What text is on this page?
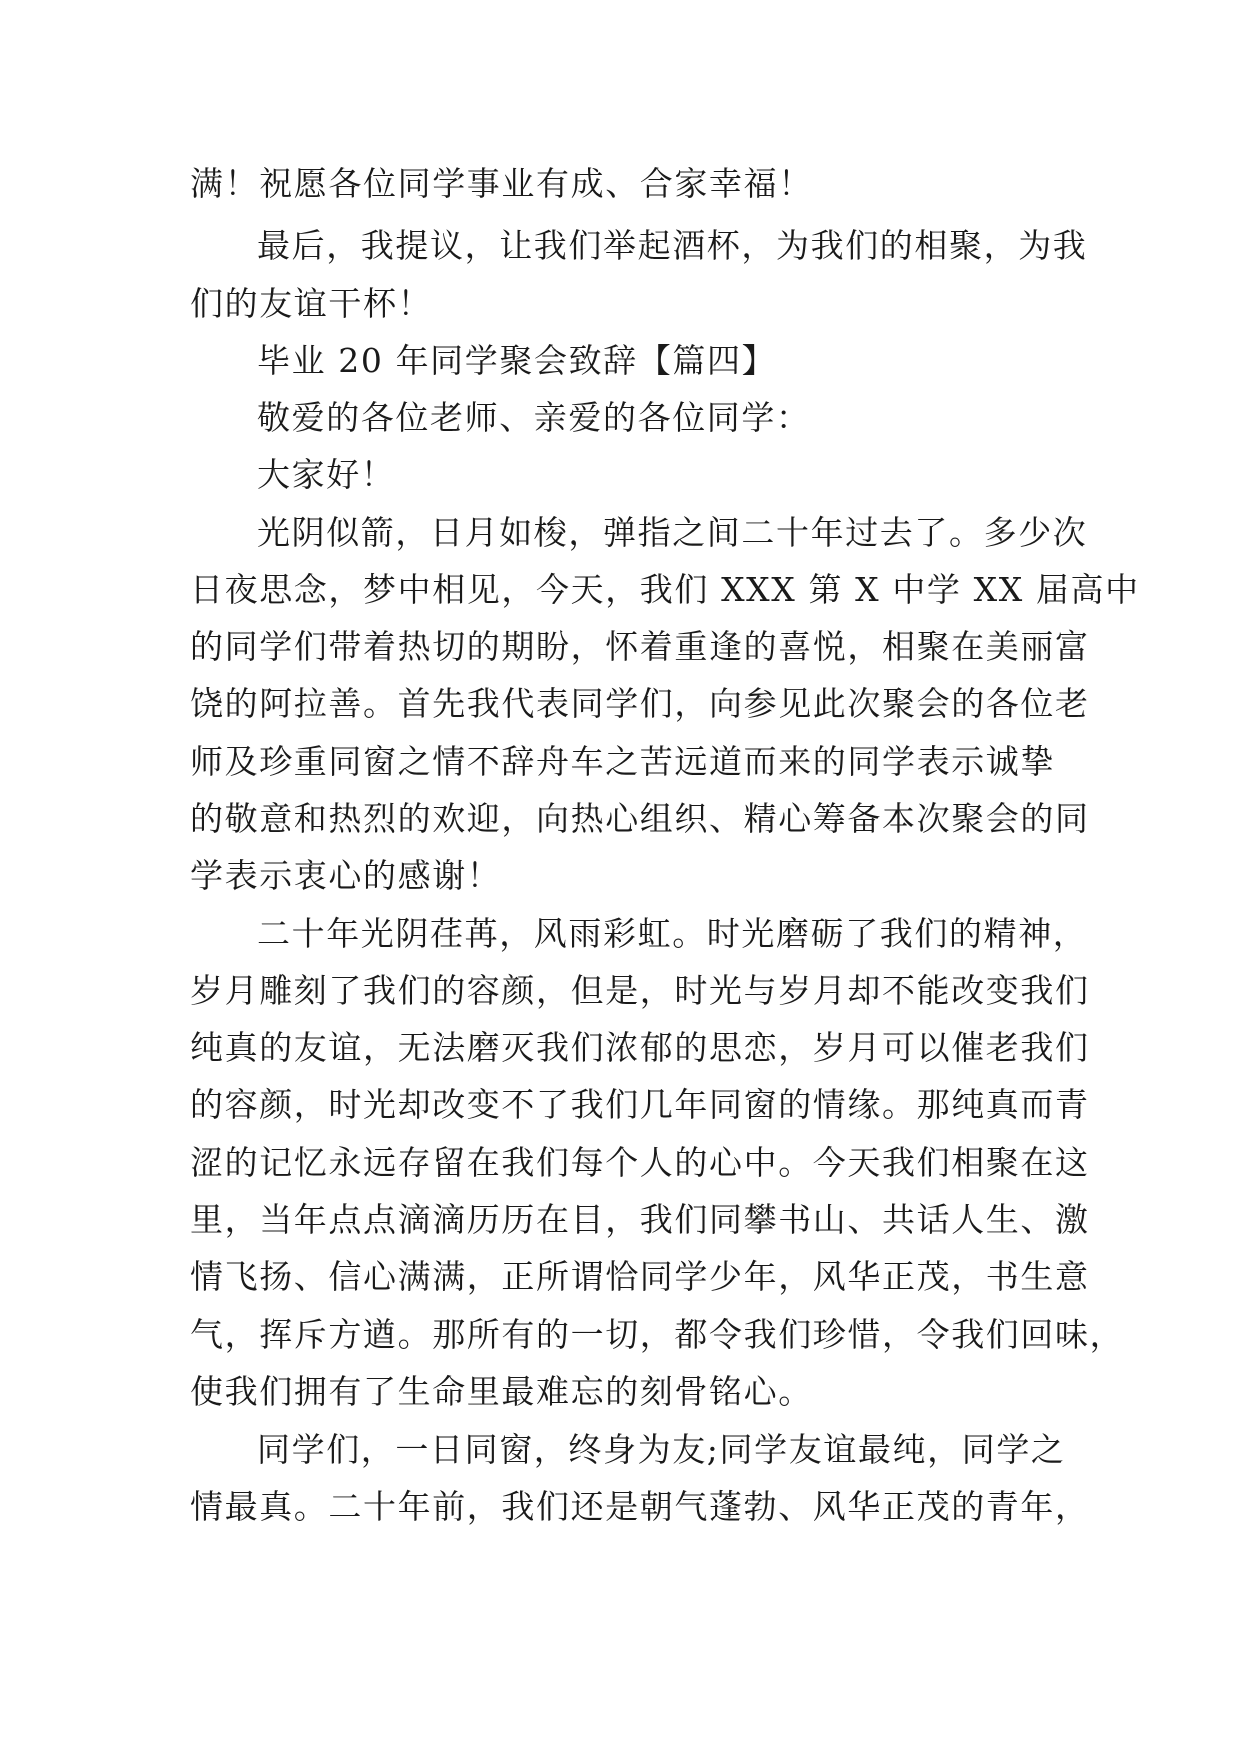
满！祝愿各位同学事业有成、合家幸福！
最后，我提议，让我们举起酒杯，为我们的相聚，为我
们的友谊干杯！
毕业 20 年同学聚会致辞【篇四】
敬爱的各位老师、亲爱的各位同学：
大家好！
光阴似箭，日月如梭，弹指之间二十年过去了。多少次
日夜思念，梦中相见，今天，我们 XXX 第 X 中学 XX 届高中
的同学们带着热切的期盼，怀着重逢的喜悦，相聚在美丽富
饶的阿拉善。首先我代表同学们，向参见此次聚会的各位老
师及珍重同窗之情不辞舟车之苦远道而来的同学表示诚挚
的敬意和热烈的欢迎，向热心组织、精心筹备本次聚会的同
学表示衷心的感谢！
二十年光阴荏苒，风雨彩虹。时光磨砺了我们的精神，
岁月雕刻了我们的容颜，但是，时光与岁月却不能改变我们
纯真的友谊，无法磨灭我们浓郁的思恋，岁月可以催老我们
的容颜，时光却改变不了我们几年同窗的情缘。那纯真而青
涩的记忆永远存留在我们每个人的心中。今天我们相聚在这
里，当年点点滴滴历历在目，我们同攀书山、共话人生、激
情飞扬、信心满满，正所谓恰同学少年，风华正茂，书生意
气，挥斥方遒。那所有的一切，都令我们珍惜，令我们回味，
使我们拥有了生命里最难忘的刻骨铭心。
同学们，一日同窗，终身为友;同学友谊最纯，同学之
情最真。二十年前，我们还是朝气蓬勃、风华正茂的青年，
